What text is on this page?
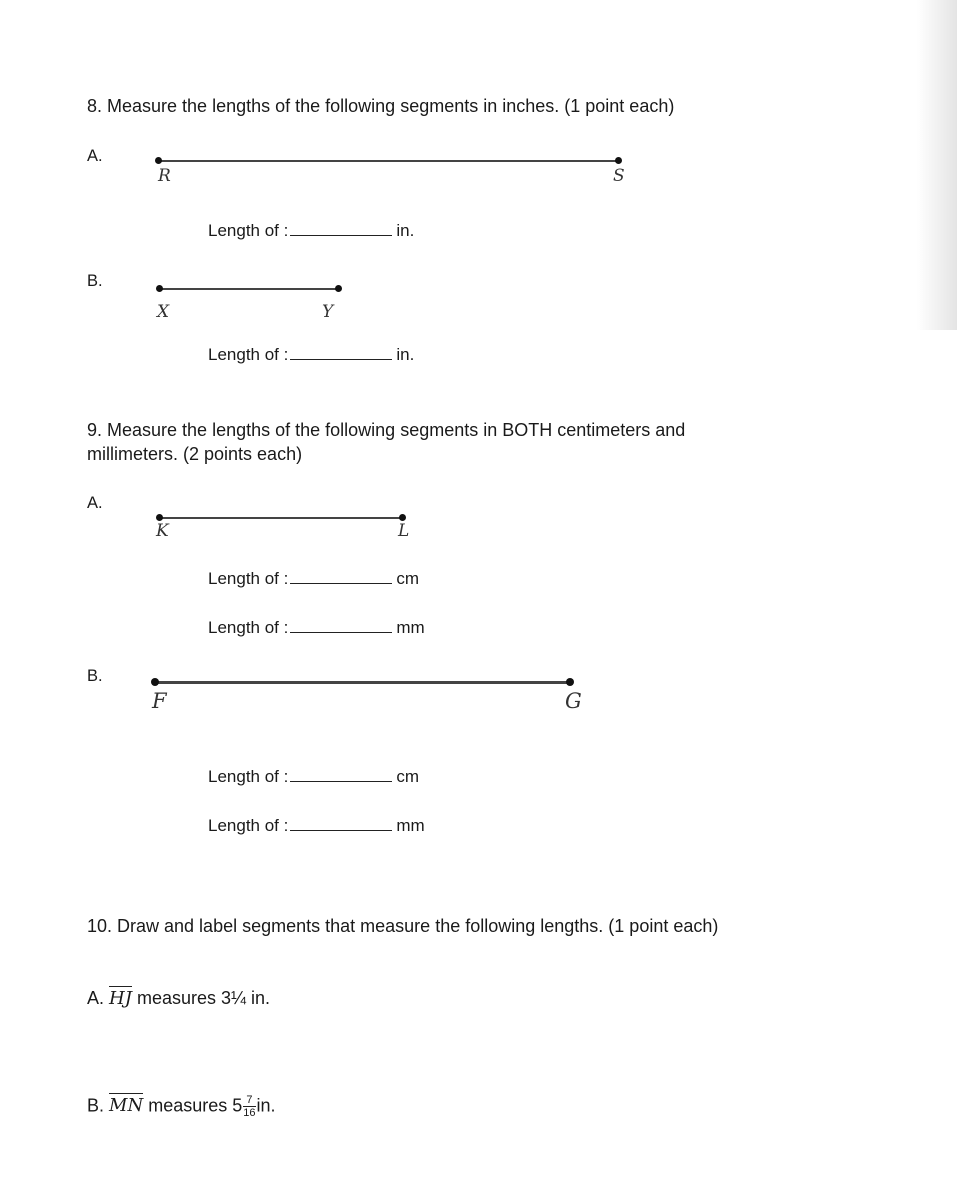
8. Measure the lengths of the following segments in inches. (1 point each)
A.
R	S
Length of :	in.
B.
X	Y
Length of :	in.
9. Measure the lengths of the following segments in BOTH centimeters and
millimeters. (2 points each)
A.
K	L
Length of :	cm
Length of :	mm
B.
F	G
Length of :	cm
Length of :	mm
10. Draw and label segments that measure the following lengths. (1 point each)
A. HJ measures 3¼ in.
B. MN measures $5 \frac{7}{16}$ in.
